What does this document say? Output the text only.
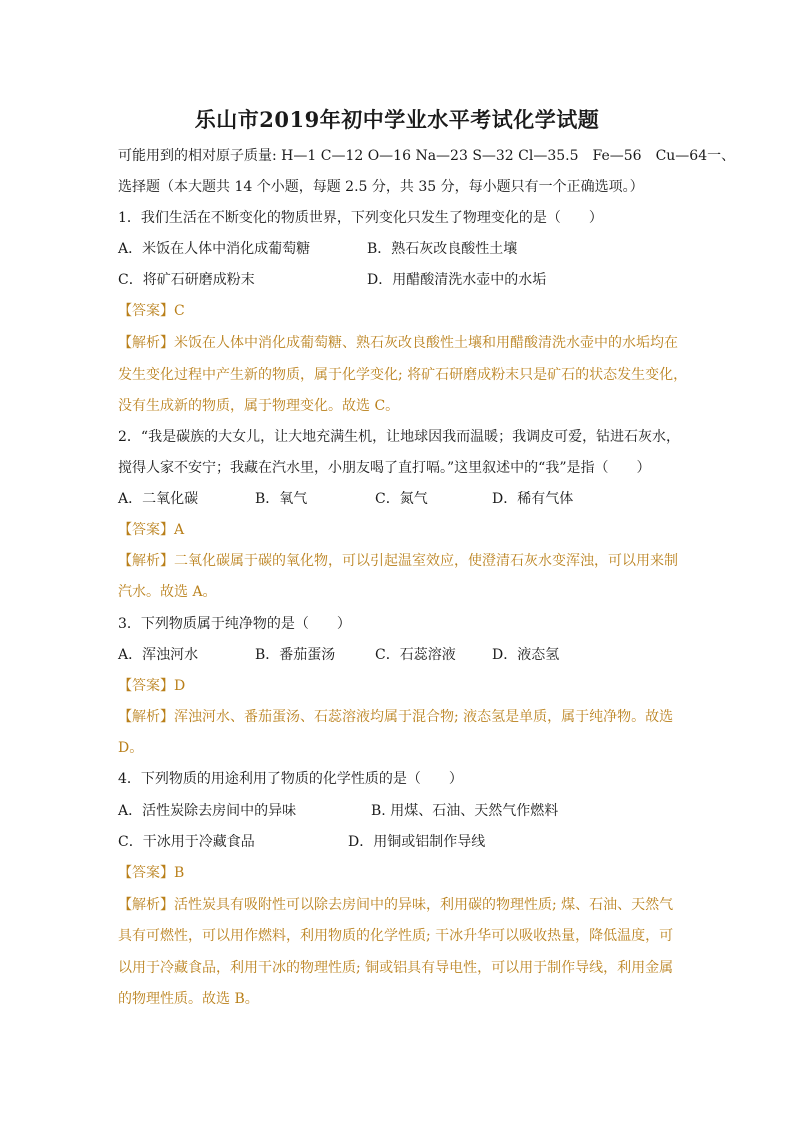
乐山市2019年初中学业水平考试化学试题
可能用到的相对原子质量: H—1 C—12 O—16 Na—23 S—32 Cl—35.5　Fe—56　Cu—64一、
选择题（本大题共 14 个小题，每题 2.5 分，共 35 分，每小题只有一个正确选项。）
1．我们生活在不断变化的物质世界，下列变化只发生了物理变化的是（　　）
A．米饭在人体中消化成葡萄糖	B．熟石灰改良酸性土壤
C．将矿石研磨成粉末	D．用醋酸清洗水壶中的水垢
【答案】C
【解析】米饭在人体中消化成葡萄糖、熟石灰改良酸性土壤和用醋酸清洗水壶中的水垢均在
发生变化过程中产生新的物质，属于化学变化; 将矿石研磨成粉末只是矿石的状态发生变化，
没有生成新的物质，属于物理变化。故选 C。
2．“我是碳族的大女儿，让大地充满生机，让地球因我而温暖；我调皮可爱，钻进石灰水，
搅得人家不安宁；我藏在汽水里，小朋友喝了直打嗝。”这里叙述中的“我”是指（　　）
A．二氧化碳	B．氧气	C．氮气	D．稀有气体
【答案】A
【解析】二氧化碳属于碳的氧化物，可以引起温室效应，使澄清石灰水变浑浊，可以用来制
汽水。故选 A。
3．下列物质属于纯净物的是（　　）
A．浑浊河水	B．番茄蛋汤	C．石蕊溶液	D．液态氢
【答案】D
【解析】浑浊河水、番茄蛋汤、石蕊溶液均属于混合物; 液态氢是单质，属于纯净物。故选
D。
4．下列物质的用途利用了物质的化学性质的是（　　）
A．活性炭除去房间中的异味	B. 用煤、石油、天然气作燃料
C．干冰用于冷藏食品	D．用铜或铝制作导线
【答案】B
【解析】活性炭具有吸附性可以除去房间中的异味，利用碳的物理性质; 煤、石油、天然气
具有可燃性，可以用作燃料，利用物质的化学性质; 干冰升华可以吸收热量，降低温度，可
以用于冷藏食品，利用干冰的物理性质; 铜或铝具有导电性，可以用于制作导线，利用金属
的物理性质。故选 B。
